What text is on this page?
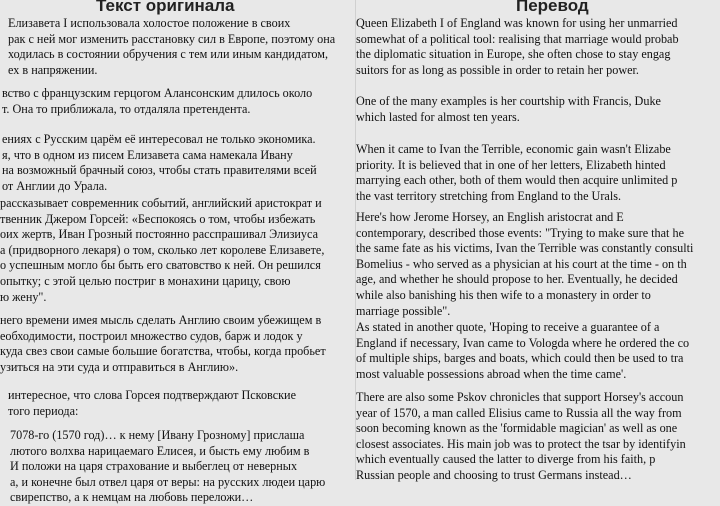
Текст оригинала
Елизавета I использовала холостое положение в своих
рак с ней мог изменить расстановку сил в Европе, поэтому она
ходилась в состоянии обручения с тем или иным кандидатом,
ех в напряжении.
вство с французским герцогом Алансонским длилось около
т. Она то приближала, то отдаляла претендента.
ениях с Русским царём её интересовал не только экономика.
я, что в одном из писем Елизавета сама намекала Ивану
на возможный брачный союз, чтобы стать правителями всей
от Англии до Урала.
рассказывает современник событий, английский аристократ и
твенник Джером Горсей: «Беспокоясь о том, чтобы избежать
оих жертв, Иван Грозный постоянно расспрашивал Элизиуса
а (придворного лекаря) о том, сколько лет королеве Елизавете,
о успешным могло бы быть его сватовство к ней. Он решился
опытку; с этой целью постриг в монахини царицу, свою
ю жену".
него времени имея мысль сделать Англию своим убежищем в
еобходимости, построил множество судов, барж и лодок у
куда свез свои самые большие богатства, чтобы, когда пробьет
узиться на эти суда и отправиться в Англию».
интересное, что слова Горсея подтверждают Псковские
того периода:
7078-го (1570 год)… к нему [Ивану Грозному] прислаша
лютого волхва нарицаемаго Елисея, и бысть ему любим в
И положи на царя страхование и выбеглец от неверных
а, и конечне был отвел царя от веры: на русских людеи царю
свирепство, а к немцам на любовь переложи…
Перевод
Queen Elizabeth I of England was known for using her unmarried
somewhat of a political tool: realising that marriage would probab
the diplomatic situation in Europe, she often chose to stay engag
suitors for as long as possible in order to retain her power.
One of the many examples is her courtship with Francis, Duke
which lasted for almost ten years.
When it came to Ivan the Terrible, economic gain wasn't Elizabe
priority. It is believed that in one of her letters, Elizabeth hinted
marrying each other, both of them would then acquire unlimited p
the vast territory stretching from England to the Urals.
Here's how Jerome Horsey, an English aristocrat and E
contemporary, described those events: "Trying to make sure that he
the same fate as his victims, Ivan the Terrible was constantly consulti
Bomelius - who served as a physician at his court at the time - on th
age, and whether he should propose to her. Eventually, he decided
while also banishing his then wife to a monastery in order to
marriage possible".
As stated in another quote, 'Hoping to receive a guarantee of a
England if necessary, Ivan came to Vologda where he ordered the co
of multiple ships, barges and boats, which could then be used to tra
most valuable possessions abroad when the time came'.
There are also some Pskov chronicles that support Horsey's accoun
year of 1570, a man called Elisius came to Russia all the way from
soon becoming known as the 'formidable magician' as well as one
closest associates. His main job was to protect the tsar by identifyin
which eventually caused the latter to diverge from his faith, p
Russian people and choosing to trust Germans instead…
